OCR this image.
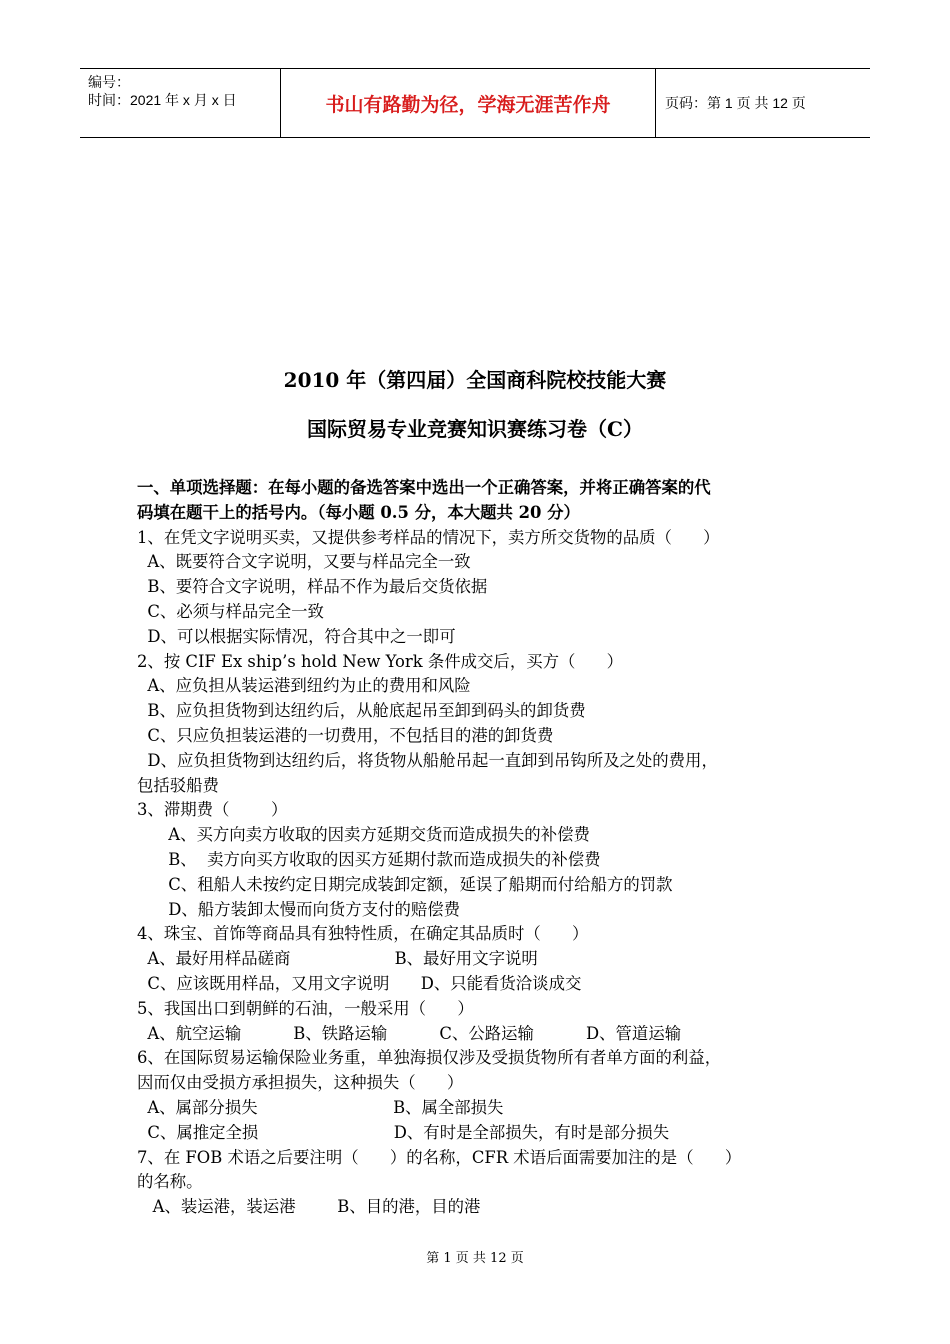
编号：
时间：2021 年 x 月 x 日	书山有路勤为径，学海无涯苦作舟	页码：第 1 页 共 12 页
2010 年（第四届）全国商科院校技能大赛
国际贸易专业竞赛知识赛练习卷（C）
一、单项选择题：在每小题的备选答案中选出一个正确答案，并将正确答案的代
码填在题干上的括号内。（每小题 0.5 分，本大题共 20 分）
1、在凭文字说明买卖，又提供参考样品的情况下，卖方所交货物的品质（      ）
A、既要符合文字说明，又要与样品完全一致
B、要符合文字说明，样品不作为最后交货依据
C、必须与样品完全一致
D、可以根据实际情况，符合其中之一即可
2、按 CIF Ex ship’s hold New York 条件成交后，买方（      ）
A、应负担从装运港到纽约为止的费用和风险
B、应负担货物到达纽约后，从舱底起吊至卸到码头的卸货费
C、只应负担装运港的一切费用，不包括目的港的卸货费
D、应负担货物到达纽约后，将货物从船舱吊起一直卸到吊钩所及之处的费用，
包括驳船费
3、滞期费（        ）
A、买方向卖方收取的因卖方延期交货而造成损失的补偿费
B、  卖方向买方收取的因买方延期付款而造成损失的补偿费
C、租船人未按约定日期完成装卸定额，延误了船期而付给船方的罚款
D、船方装卸太慢而向货方支付的赔偿费
4、珠宝、首饰等商品具有独特性质，在确定其品质时（      ）
A、最好用样品磋商                    B、最好用文字说明
C、应该既用样品，又用文字说明      D、只能看货洽谈成交
5、我国出口到朝鲜的石油，一般采用（      ）
A、航空运输          B、铁路运输          C、公路运输          D、管道运输
6、在国际贸易运输保险业务重，单独海损仅涉及受损货物所有者单方面的利益，
因而仅由受损方承担损失，这种损失（      ）
A、属部分损失                          B、属全部损失
C、属推定全损                          D、有时是全部损失，有时是部分损失
7、在 FOB 术语之后要注明（      ）的名称，CFR 术语后面需要加注的是（      ）
的名称。
A、装运港，装运港        B、目的港，目的港
第 1 页 共 12 页
